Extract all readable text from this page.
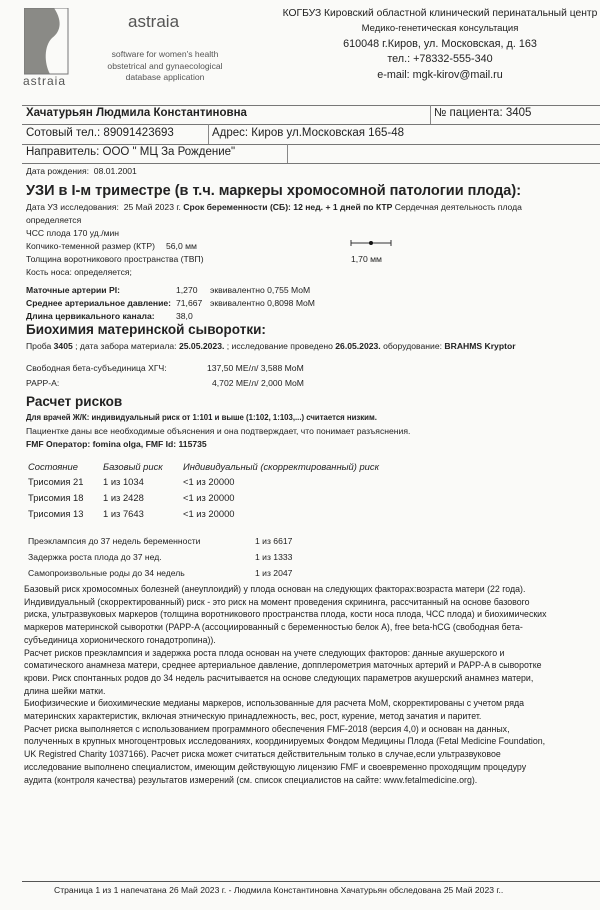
astraia
astraia
software for women's health
obstetrical and gynaecological
database application
КОГБУЗ Кировский областной клинический перинатальный центр
Медико-генетическая консультация
610048 г.Киров, ул. Московская, д. 163
тел.: +78332-555-340
e-mail: mgk-kirov@mail.ru
Хачатурьян Людмила Константиновна	№ пациента: 3405
Сотовый тел.: 89091423693	Адрес: Киров ул.Московская 165-48
Направитель: ООО " МЦ За Рождение"
Дата рождения: 08.01.2001
УЗИ в I-м триместре (в т.ч. маркеры хромосомной патологии плода):
Дата УЗ исследования: 25 Май 2023 г. Срок беременности (СБ): 12 нед. + 1 дней по КТР Сердечная деятельность плода
определяется
ЧСС плода 170 уд./мин
Копчико-теменной размер (КТР) 56,0 мм
Толщина воротникового пространства (ТВП)	1,70 мм
Кость носа: определяется;
Маточные артерии PI:	1,270 эквивалентно 0,755 MoM
Среднее артериальное давление: 71,667 эквивалентно 0,8098 MoM
Длина цервикального канала: 38,0
Биохимия материнской сыворотки:
Проба 3405 ; дата забора материала: 25.05.2023. ; исследование проведено 26.05.2023. оборудование: BRAHMS Kryptor
Свободная бета-субъединица ХГЧ:	137,50 МЕ/л/ 3,588 MoM
PAPP-A:	4,702 МЕ/л/ 2,000 MoM
Расчет рисков
Для врачей Ж/К: индивидуальный риск от 1:101 и выше (1:102, 1:103,...) считается низким.
Пациентке даны все необходимые объяснения и она подтверждает, что понимает разъяснения.
FMF Оператор: fomina olga, FMF Id: 115735
Состояние	Базовый риск Индивидуальный (скорректированный) риск
Трисомия 21 1 из 1034	<1 из 20000
Трисомия 18 1 из 2428	<1 из 20000
Трисомия 13 1 из 7643	<1 из 20000
Преэклампсия до 37 недель беременности	1 из 6617
Задержка роста плода до 37 нед.	1 из 1333
Самопроизвольные роды до 34 недель	1 из 2047
Базовый риск хромосомных болезней (анеуплоидий) у плода основан на следующих факторах:возраста матери (22 года).
Индивидуальный (скорректированный) риск - это риск на момент проведения скрининга, рассчитанный на основе базового
риска, ультразвуковых маркеров (толщина воротникового пространства плода, кости носа плода, ЧСС плода) и биохимических
маркеров материнской сыворотки (PAPP-A (ассоциированный с беременностью белок А), free beta-hCG (свободная бета-
субъединица хорионического гонадотропина)).
Расчет рисков преэклампсия и задержка роста плода основан на учете следующих факторов: данные акушерского и
соматического анамнеза матери, среднее артериальное давление, допплерометрия маточных артерий и PAPP-A в сыворотке
крови. Риск спонтанных родов до 34 недель расчитывается на основе следующих параметров акушерский анамнез матери,
длина шейки матки.
Биофизические и биохимические медианы маркеров, использованные для расчета МоМ, скорректированы с учетом ряда
материнских характеристик, включая этническую принадлежность, вес, рост, курение, метод зачатия и паритет.
Расчет риска выполняется с использованием программного обеспечения FMF-2018 (версия 4,0) и основан на данных,
полученных в крупных многоцентровых исследованиях, координируемых Фондом Медицины Плода (Fetal Medicine Foundation,
UK Registred Charity 1037166). Расчет риска может считаться действительным только в случае,если ультразвуковое
исследование выполнено специалистом, имеющим действующую лицензию FMF и своевременно проходящим процедуру
аудита (контроля качества) результатов измерений (см. список специалистов на сайте: www.fetalmedicine.org).
Страница 1 из 1 напечатана 26 Май 2023 г. - Людмила Константиновна Хачатурьян обследована 25 Май 2023 г..
